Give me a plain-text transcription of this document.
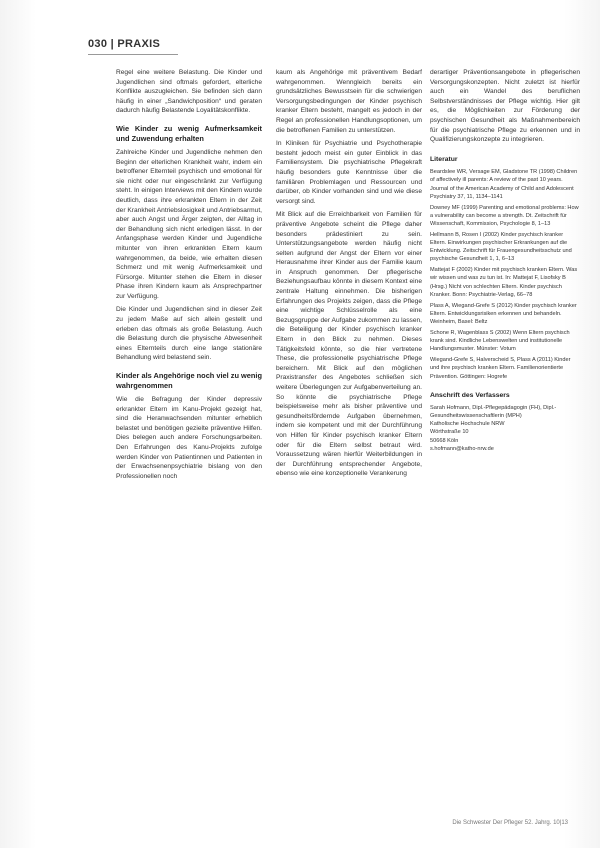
030 | PRAXIS

Regel eine weitere Belastung. Die Kinder und Jugendlichen sind oftmals gefordert, elterliche Konflikte auszugleichen. Sie befinden sich dann häufig in einer „Sandwichposition“ und geraten dadurch häufig Belastende Loyalitätskonflikte.

Wie Kinder zu wenig Aufmerksamkeit und Zuwendung erhalten

Zahlreiche Kinder und Jugendliche nehmen den Beginn der elterlichen Krankheit wahr, indem ein betroffener Elternteil psychisch und emotional für sie nicht oder nur eingeschränkt zur Verfügung steht. In einigen Interviews mit den Kindern wurde deutlich, dass ihre erkrankten Eltern in der Zeit der Krankheit Antriebslosigkeit und Antriebsarmut, aber auch Angst und Ärger zeigten, der Alltag in der Behandlung sich nicht erledigen lässt. In der Anfangsphase werden Kinder und Jugendliche mitunter von ihren erkrankten Eltern kaum wahrgenommen, da beide, wie erhalten diesen Schmerz und mit wenig Aufmerksamkeit und Fürsorge. Mitunter stehen die Eltern in dieser Phase ihren Kindern kaum als Ansprechpartner zur Verfügung.

Die Kinder und Jugendlichen sind in dieser Zeit zu jedem Maße auf sich allein gestellt und erleben das oftmals als große Belastung. Auch die Belastung durch die physische Abwesenheit eines Elternteils durch eine lange stationäre Behandlung wird belastend sein.

Kinder als Angehörige noch viel zu wenig wahrgenommen

Wie die Befragung der Kinder depressiv erkrankter Eltern im Kanu-Projekt gezeigt hat, sind die Heranwachsenden mitunter erheblich belastet und benötigen gezielte präventive Hilfen. Dies belegen auch andere Forschungsarbeiten. Den Erfahrungen des Kanu-Projekts zufolge werden Kinder von Patientinnen und Patienten in der Erwachsenenpsychiatrie bislang von den Professionellen noch

kaum als Angehörige mit präventivem Bedarf wahrgenommen. Wenngleich bereits ein grundsätzliches Bewusstsein für die schwierigen Versorgungsbedingungen der Kinder psychisch kranker Eltern besteht, mangelt es jedoch in der Regel an professionellen Handlungsoptionen, um die betroffenen Familien zu unterstützen.

In Kliniken für Psychiatrie und Psychotherapie besteht jedoch meist ein guter Einblick in das Familiensystem. Die psychiatrische Pflegekraft häufig besonders gute Kenntnisse über die familiären Problemlagen und Ressourcen und darüber, ob Kinder vorhanden sind und wie diese versorgt sind.

Mit Blick auf die Erreichbarkeit von Familien für präventive Angebote scheint die Pflege daher besonders prädestiniert zu sein. Unterstützungsangebote werden häufig nicht selten aufgrund der Angst der Eltern vor einer Herausnahme ihrer Kinder aus der Familie kaum in Anspruch genommen. Der pflegerische Beziehungsaufbau könnte in diesem Kontext eine zentrale Haltung einnehmen. Die bisherigen Erfahrungen des Projekts zeigen, dass die Pflege eine wichtige Schlüsselrolle als eine Bezugsgruppe der Aufgabe zukommen zu lassen, die Beteiligung der Kinder psychisch kranker Eltern in den Blick zu nehmen. Dieses Tätigkeitsfeld könnte, so die hier vertretene These, die professionelle psychiatrische Pflege bereichern. Mit Blick auf den möglichen Praxistransfer des Angebotes schließen sich weitere Überlegungen zur Aufgabenverteilung an. So könnte die psychiatrische Pflege beispielsweise mehr als bisher präventive und gesundheitsfördernde Aufgaben übernehmen, indem sie kompetent und mit der Durchführung von Hilfen für Kinder psychisch kranker Eltern oder für die Eltern selbst betraut wird. Voraussetzung wären hierfür Weiterbildungen in der Durchführung entsprechender Angebote, ebenso wie eine konzeptionelle Verankerung

derartiger Präventionsangebote in pflegerischen Versorgungskonzepten. Nicht zuletzt ist hierfür auch ein Wandel des beruflichen Selbstverständnisses der Pflege wichtig. Hier gilt es, die Möglichkeiten zur Förderung der psychischen Gesundheit als Maßnahmenbereich für die psychiatrische Pflege zu erkennen und in Qualifizierungskonzepte zu integrieren.

Literatur

Beardslee WR, Versage EM, Gladstone TR (1998) Children of affectively ill parents: A review of the past 10 years. Journal of the American Academy of Child and Adolescent Psychiatry 37, 11, 1134–1141

Downey MF (1999) Parenting and emotional problems: How a vulnerability can become a strength. Dt. Zeitschrift für Wissenschaft, Kommission, Psychologie 8, 1–13

Hellmann B, Rosen I (2002) Kinder psychisch kranker Eltern. Einwirkungen psychischer Erkrankungen auf die Entwicklung. Zeitschrift für Frauengesundheitsschutz und psychische Gesundheit 1, 1, 6–13

Mattejat F (2002) Kinder mit psychisch kranken Eltern. Was wir wissen und was zu tun ist. In: Mattejat F, Lisofsky B (Hrsg.) Nicht von schlechten Eltern. Kinder psychisch Kranker. Bonn: Psychiatrie-Verlag, 66–78

Plass A, Wiegand-Grefe S (2012) Kinder psychisch kranker Eltern. Entwicklungsrisiken erkennen und behandeln. Weinheim, Basel: Beltz

Schone R, Wagenblass S (2002) Wenn Eltern psychisch krank sind. Kindliche Lebenswelten und institutionelle Handlungsmuster. Münster: Votum

Wiegand-Grefe S, Halverscheid S, Plass A (2011) Kinder und ihre psychisch kranken Eltern. Familienorientierte Prävention. Göttingen: Hogrefe

Anschrift des Verfassers

Sarah Hofmann, Dipl.-Pflegepädagogin (FH), Dipl.-Gesundheitswissenschaftlerin (MPH)

Katholische Hochschule NRW

Wörthstraße 10

50668 Köln

s.hofmann@katho-nrw.de

Die Schwester Der Pfleger 52. Jahrg. 10|13
